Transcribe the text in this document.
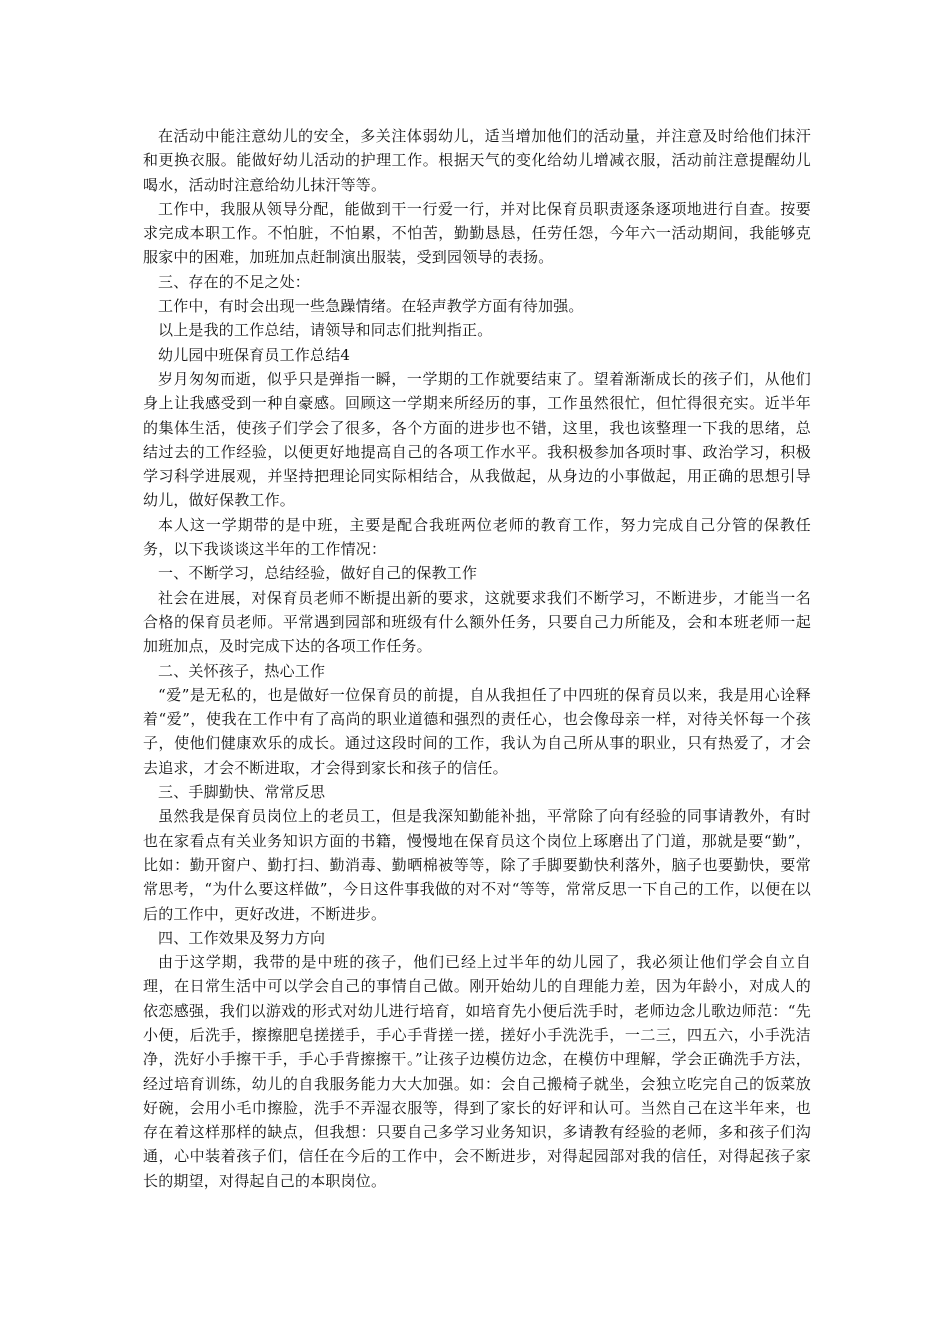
在活动中能注意幼儿的安全，多关注体弱幼儿，适当增加他们的活动量，并注意及时给他们抹汗和更换衣服。能做好幼儿活动的护理工作。根据天气的变化给幼儿增减衣服，活动前注意提醒幼儿喝水，活动时注意给幼儿抹汗等等。

工作中，我服从领导分配，能做到干一行爱一行，并对比保育员职责逐条逐项地进行自查。按要求完成本职工作。不怕脏，不怕累，不怕苦，勤勤恳恳，任劳任怨，今年六一活动期间，我能够克服家中的困难，加班加点赶制演出服装，受到园领导的表扬。

三、存在的不足之处：

工作中，有时会出现一些急躁情绪。在轻声教学方面有待加强。

以上是我的工作总结，请领导和同志们批判指正。

幼儿园中班保育员工作总结4

岁月匆匆而逝，似乎只是弹指一瞬，一学期的工作就要结束了。望着渐渐成长的孩子们，从他们身上让我感受到一种自豪感。回顾这一学期来所经历的事，工作虽然很忙，但忙得很充实。近半年的集体生活，使孩子们学会了很多，各个方面的进步也不错，这里，我也该整理一下我的思绪，总结过去的工作经验，以便更好地提高自己的各项工作水平。我积极参加各项时事、政治学习，积极学习科学进展观，并坚持把理论同实际相结合，从我做起，从身边的小事做起，用正确的思想引导幼儿，做好保教工作。

本人这一学期带的是中班，主要是配合我班两位老师的教育工作，努力完成自己分管的保教任务，以下我谈谈这半年的工作情况：

一、不断学习，总结经验，做好自己的保教工作

社会在进展，对保育员老师不断提出新的要求，这就要求我们不断学习，不断进步，才能当一名合格的保育员老师。平常遇到园部和班级有什么额外任务，只要自己力所能及，会和本班老师一起加班加点，及时完成下达的各项工作任务。

二、关怀孩子，热心工作

“爱”是无私的，也是做好一位保育员的前提，自从我担任了中四班的保育员以来，我是用心诠释着“爱”，使我在工作中有了高尚的职业道德和强烈的责任心，也会像母亲一样，对待关怀每一个孩子，使他们健康欢乐的成长。通过这段时间的工作，我认为自己所从事的职业，只有热爱了，才会去追求，才会不断进取，才会得到家长和孩子的信任。

三、手脚勤快、常常反思

虽然我是保育员岗位上的老员工，但是我深知勤能补拙，平常除了向有经验的同事请教外，有时也在家看点有关业务知识方面的书籍，慢慢地在保育员这个岗位上琢磨出了门道，那就是要“勤”，比如：勤开窗户、勤打扫、勤消毒、勤晒棉被等等，除了手脚要勤快利落外，脑子也要勤快，要常常思考，“为什么要这样做”，今日这件事我做的对不对“等等，常常反思一下自己的工作，以便在以后的工作中，更好改进，不断进步。

四、工作效果及努力方向

由于这学期，我带的是中班的孩子，他们已经上过半年的幼儿园了，我必须让他们学会自立自理，在日常生活中可以学会自己的事情自己做。刚开始幼儿的自理能力差，因为年龄小，对成人的依恋感强，我们以游戏的形式对幼儿进行培育，如培育先小便后洗手时，老师边念儿歌边师范：“先小便，后洗手，擦擦肥皂搓搓手，手心手背搓一搓，搓好小手洗洗手，一二三，四五六，小手洗洁净，洗好小手擦干手，手心手背擦擦干。”让孩子边模仿边念，在模仿中理解，学会正确洗手方法，经过培育训练，幼儿的自我服务能力大大加强。如：会自己搬椅子就坐，会独立吃完自己的饭菜放好碗，会用小毛巾擦脸，洗手不弄湿衣服等，得到了家长的好评和认可。当然自己在这半年来，也存在着这样那样的缺点，但我想：只要自己多学习业务知识，多请教有经验的老师，多和孩子们沟通，心中装着孩子们，信任在今后的工作中，会不断进步，对得起园部对我的信任，对得起孩子家长的期望，对得起自己的本职岗位。
